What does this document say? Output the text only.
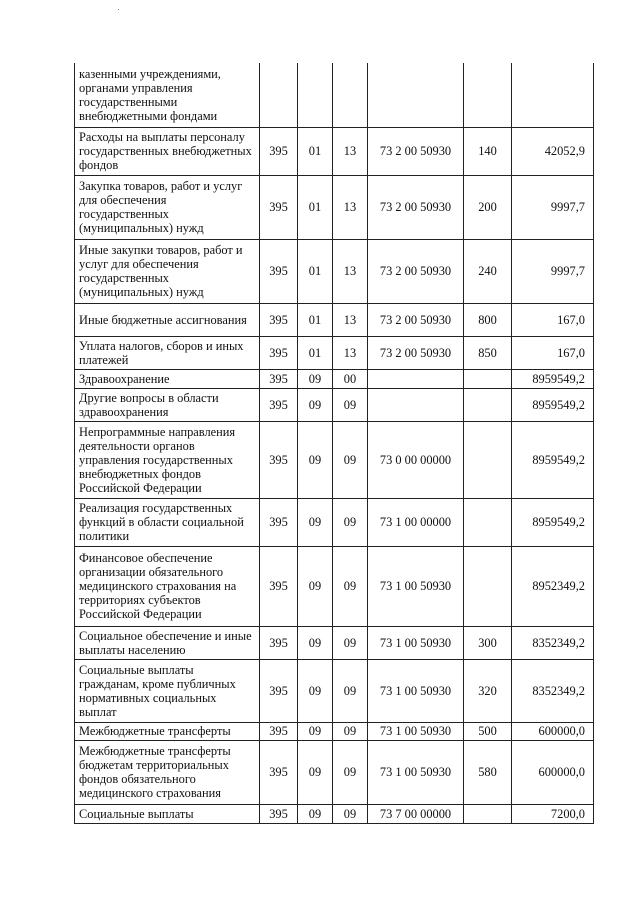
казенными учреждениями, органами управления государственными внебюджетными фондами						
Расходы на выплаты персоналу государственных внебюджетных фондов	395	01	13	73 2 00 50930	140	42052,9
Закупка товаров, работ и услуг для обеспечения государственных (муниципальных) нужд	395	01	13	73 2 00 50930	200	9997,7
Иные закупки товаров, работ и услуг для обеспечения государственных (муниципальных) нужд	395	01	13	73 2 00 50930	240	9997,7
Иные бюджетные ассигнования	395	01	13	73 2 00 50930	800	167,0
Уплата налогов, сборов и иных платежей	395	01	13	73 2 00 50930	850	167,0
Здравоохранение	395	09	00			8959549,2
Другие вопросы в области здравоохранения	395	09	09			8959549,2
Непрограммные направления деятельности органов управления государственных внебюджетных фондов Российской Федерации	395	09	09	73 0 00 00000		8959549,2
Реализация государственных функций в области социальной политики	395	09	09	73 1 00 00000		8959549,2
Финансовое обеспечение организации обязательного медицинского страхования на территориях субъектов Российской Федерации	395	09	09	73 1 00 50930		8952349,2
Социальное обеспечение и иные выплаты населению	395	09	09	73 1 00 50930	300	8352349,2
Социальные выплаты гражданам, кроме публичных нормативных социальных выплат	395	09	09	73 1 00 50930	320	8352349,2
Межбюджетные трансферты	395	09	09	73 1 00 50930	500	600000,0
Межбюджетные трансферты бюджетам территориальных фондов обязательного медицинского страхования	395	09	09	73 1 00 50930	580	600000,0
Социальные выплаты	395	09	09	73 7 00 00000		7200,0
